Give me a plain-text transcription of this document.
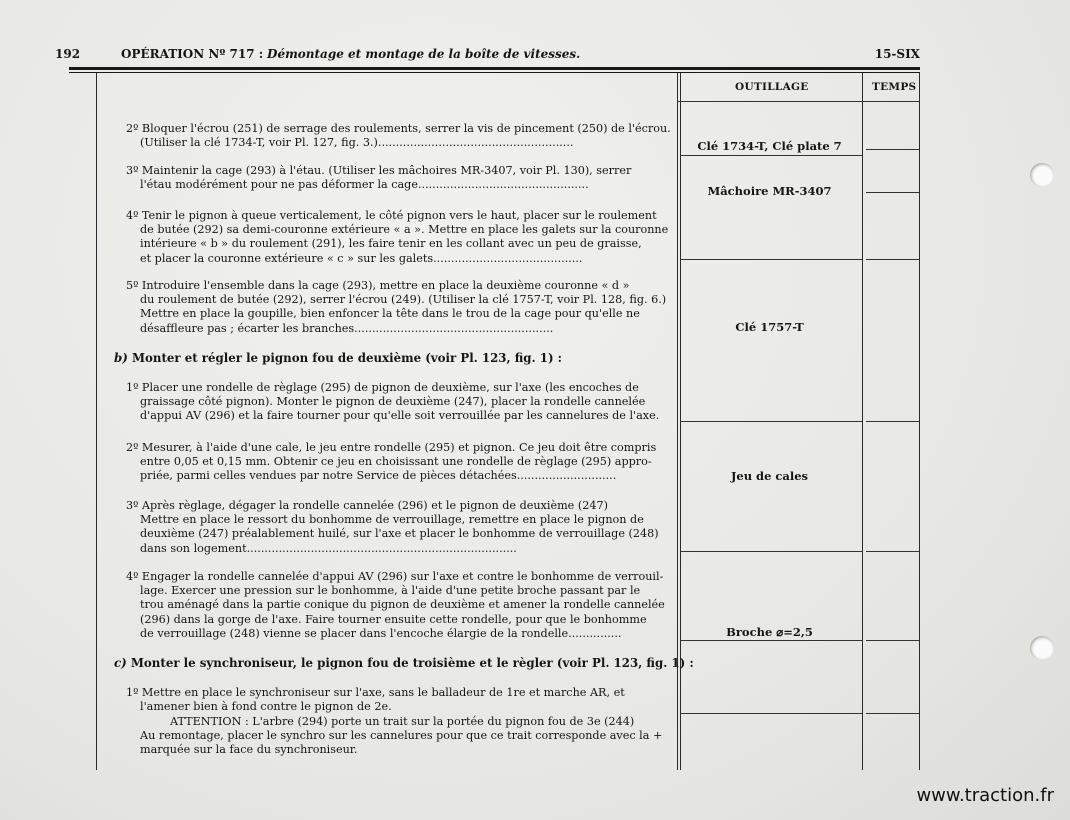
192	OPÉRATION Nº 717 : Démontage et montage de la boîte de vitesses.	15-SIX
OUTILLAGE	TEMPS
2º Bloquer l'écrou (251) de serrage des roulements, serrer la vis de pincement (250) de l'écrou.
(Utiliser la clé 1734-T, voir Pl. 127, fig. 3.).......................................................	Clé 1734-T, Clé plate 7
3º Maintenir la cage (293) à l'étau. (Utiliser les mâchoires MR-3407, voir Pl. 130), serrer
l'étau modérément pour ne pas déformer la cage................................................	Mâchoire MR-3407
4º Tenir le pignon à queue verticalement, le côté pignon vers le haut, placer sur le roulement
de butée (292) sa demi-couronne extérieure « a ». Mettre en place les galets sur la couronne
intérieure « b » du roulement (291), les faire tenir en les collant avec un peu de graisse,
et placer la couronne extérieure « c » sur les galets..........................................
5º Introduire l'ensemble dans la cage (293), mettre en place la deuxième couronne « d »
du roulement de butée (292), serrer l'écrou (249). (Utiliser la clé 1757-T, voir Pl. 128, fig. 6.)
Mettre en place la goupille, bien enfoncer la tête dans le trou de la cage pour qu'elle ne
désaffleure pas ; écarter les branches........................................................	Clé 1757-T
b) Monter et régler le pignon fou de deuxième (voir Pl. 123, fig. 1) :
1º Placer une rondelle de règlage (295) de pignon de deuxième, sur l'axe (les encoches de
graissage côté pignon). Monter le pignon de deuxième (247), placer la rondelle cannelée
d'appui AV (296) et la faire tourner pour qu'elle soit verrouillée par les cannelures de l'axe.
2º Mesurer, à l'aide d'une cale, le jeu entre rondelle (295) et pignon. Ce jeu doit être compris
entre 0,05 et 0,15 mm. Obtenir ce jeu en choisissant une rondelle de règlage (295) appro-
priée, parmi celles vendues par notre Service de pièces détachées............................	Jeu de cales
3º Après règlage, dégager la rondelle cannelée (296) et le pignon de deuxième (247)
Mettre en place le ressort du bonhomme de verrouillage, remettre en place le pignon de
deuxième (247) préalablement huilé, sur l'axe et placer le bonhomme de verrouillage (248)
dans son logement............................................................................
4º Engager la rondelle cannelée d'appui AV (296) sur l'axe et contre le bonhomme de verrouil-
lage. Exercer une pression sur le bonhomme, à l'aide d'une petite broche passant par le
trou aménagé dans la partie conique du pignon de deuxième et amener la rondelle cannelée
(296) dans la gorge de l'axe. Faire tourner ensuite cette rondelle, pour que le bonhomme
de verrouillage (248) vienne se placer dans l'encoche élargie de la rondelle...............	Broche ⌀=2,5
c) Monter le synchroniseur, le pignon fou de troisième et le règler (voir Pl. 123, fig. 1) :
1º Mettre en place le synchroniseur sur l'axe, sans le balladeur de 1re et marche AR, et
l'amener bien à fond contre le pignon de 2e.
ATTENTION : L'arbre (294) porte un trait sur la portée du pignon fou de 3e (244)
Au remontage, placer le synchro sur les cannelures pour que ce trait corresponde avec la +
marquée sur la face du synchroniseur.
www.traction.fr
